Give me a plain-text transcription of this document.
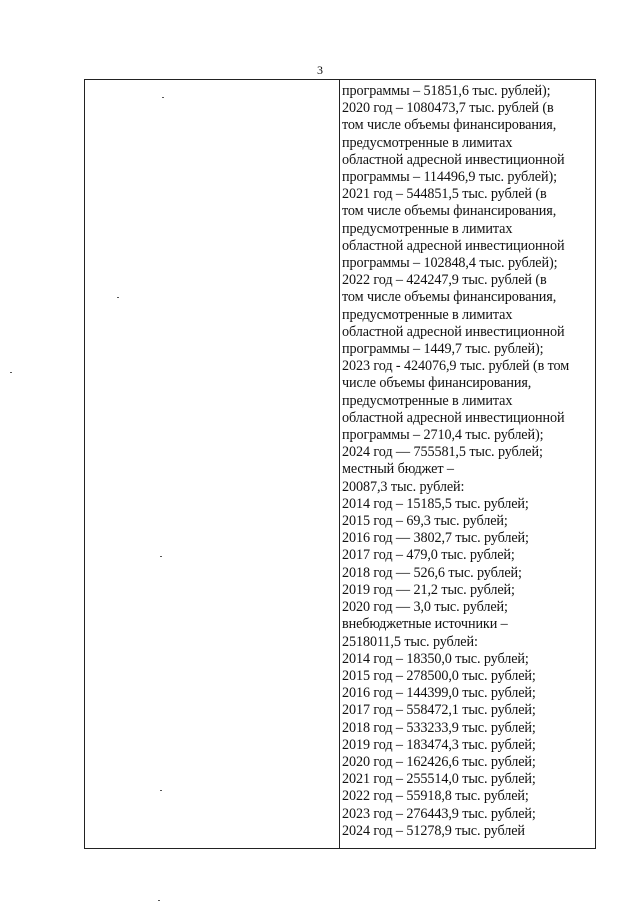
3
программы – 51851,6 тыс. рублей);
2020 год – 1080473,7 тыс. рублей (в
том числе объемы финансирования,
предусмотренные в лимитах
областной адресной инвестиционной
программы – 114496,9 тыс. рублей);
2021 год – 544851,5 тыс. рублей (в
том числе объемы финансирования,
предусмотренные в лимитах
областной адресной инвестиционной
программы – 102848,4 тыс. рублей);
2022 год – 424247,9 тыс. рублей (в
том числе объемы финансирования,
предусмотренные в лимитах
областной адресной инвестиционной
программы – 1449,7 тыс. рублей);
2023 год - 424076,9 тыс. рублей (в том
числе объемы финансирования,
предусмотренные в лимитах
областной адресной инвестиционной
программы – 2710,4 тыс. рублей);
2024 год — 755581,5 тыс. рублей;
местный бюджет –
20087,3 тыс. рублей:
2014 год – 15185,5 тыс. рублей;
2015 год – 69,3 тыс. рублей;
2016 год — 3802,7 тыс. рублей;
2017 год – 479,0 тыс. рублей;
2018 год — 526,6 тыс. рублей;
2019 год — 21,2 тыс. рублей;
2020 год — 3,0 тыс. рублей;
внебюджетные источники –
2518011,5 тыс. рублей:
2014 год – 18350,0 тыс. рублей;
2015 год – 278500,0 тыс. рублей;
2016 год – 144399,0 тыс. рублей;
2017 год – 558472,1 тыс. рублей;
2018 год – 533233,9 тыс. рублей;
2019 год – 183474,3 тыс. рублей;
2020 год – 162426,6 тыс. рублей;
2021 год – 255514,0 тыс. рублей;
2022 год – 55918,8 тыс. рублей;
2023 год – 276443,9 тыс. рублей;
2024 год – 51278,9 тыс. рублей
